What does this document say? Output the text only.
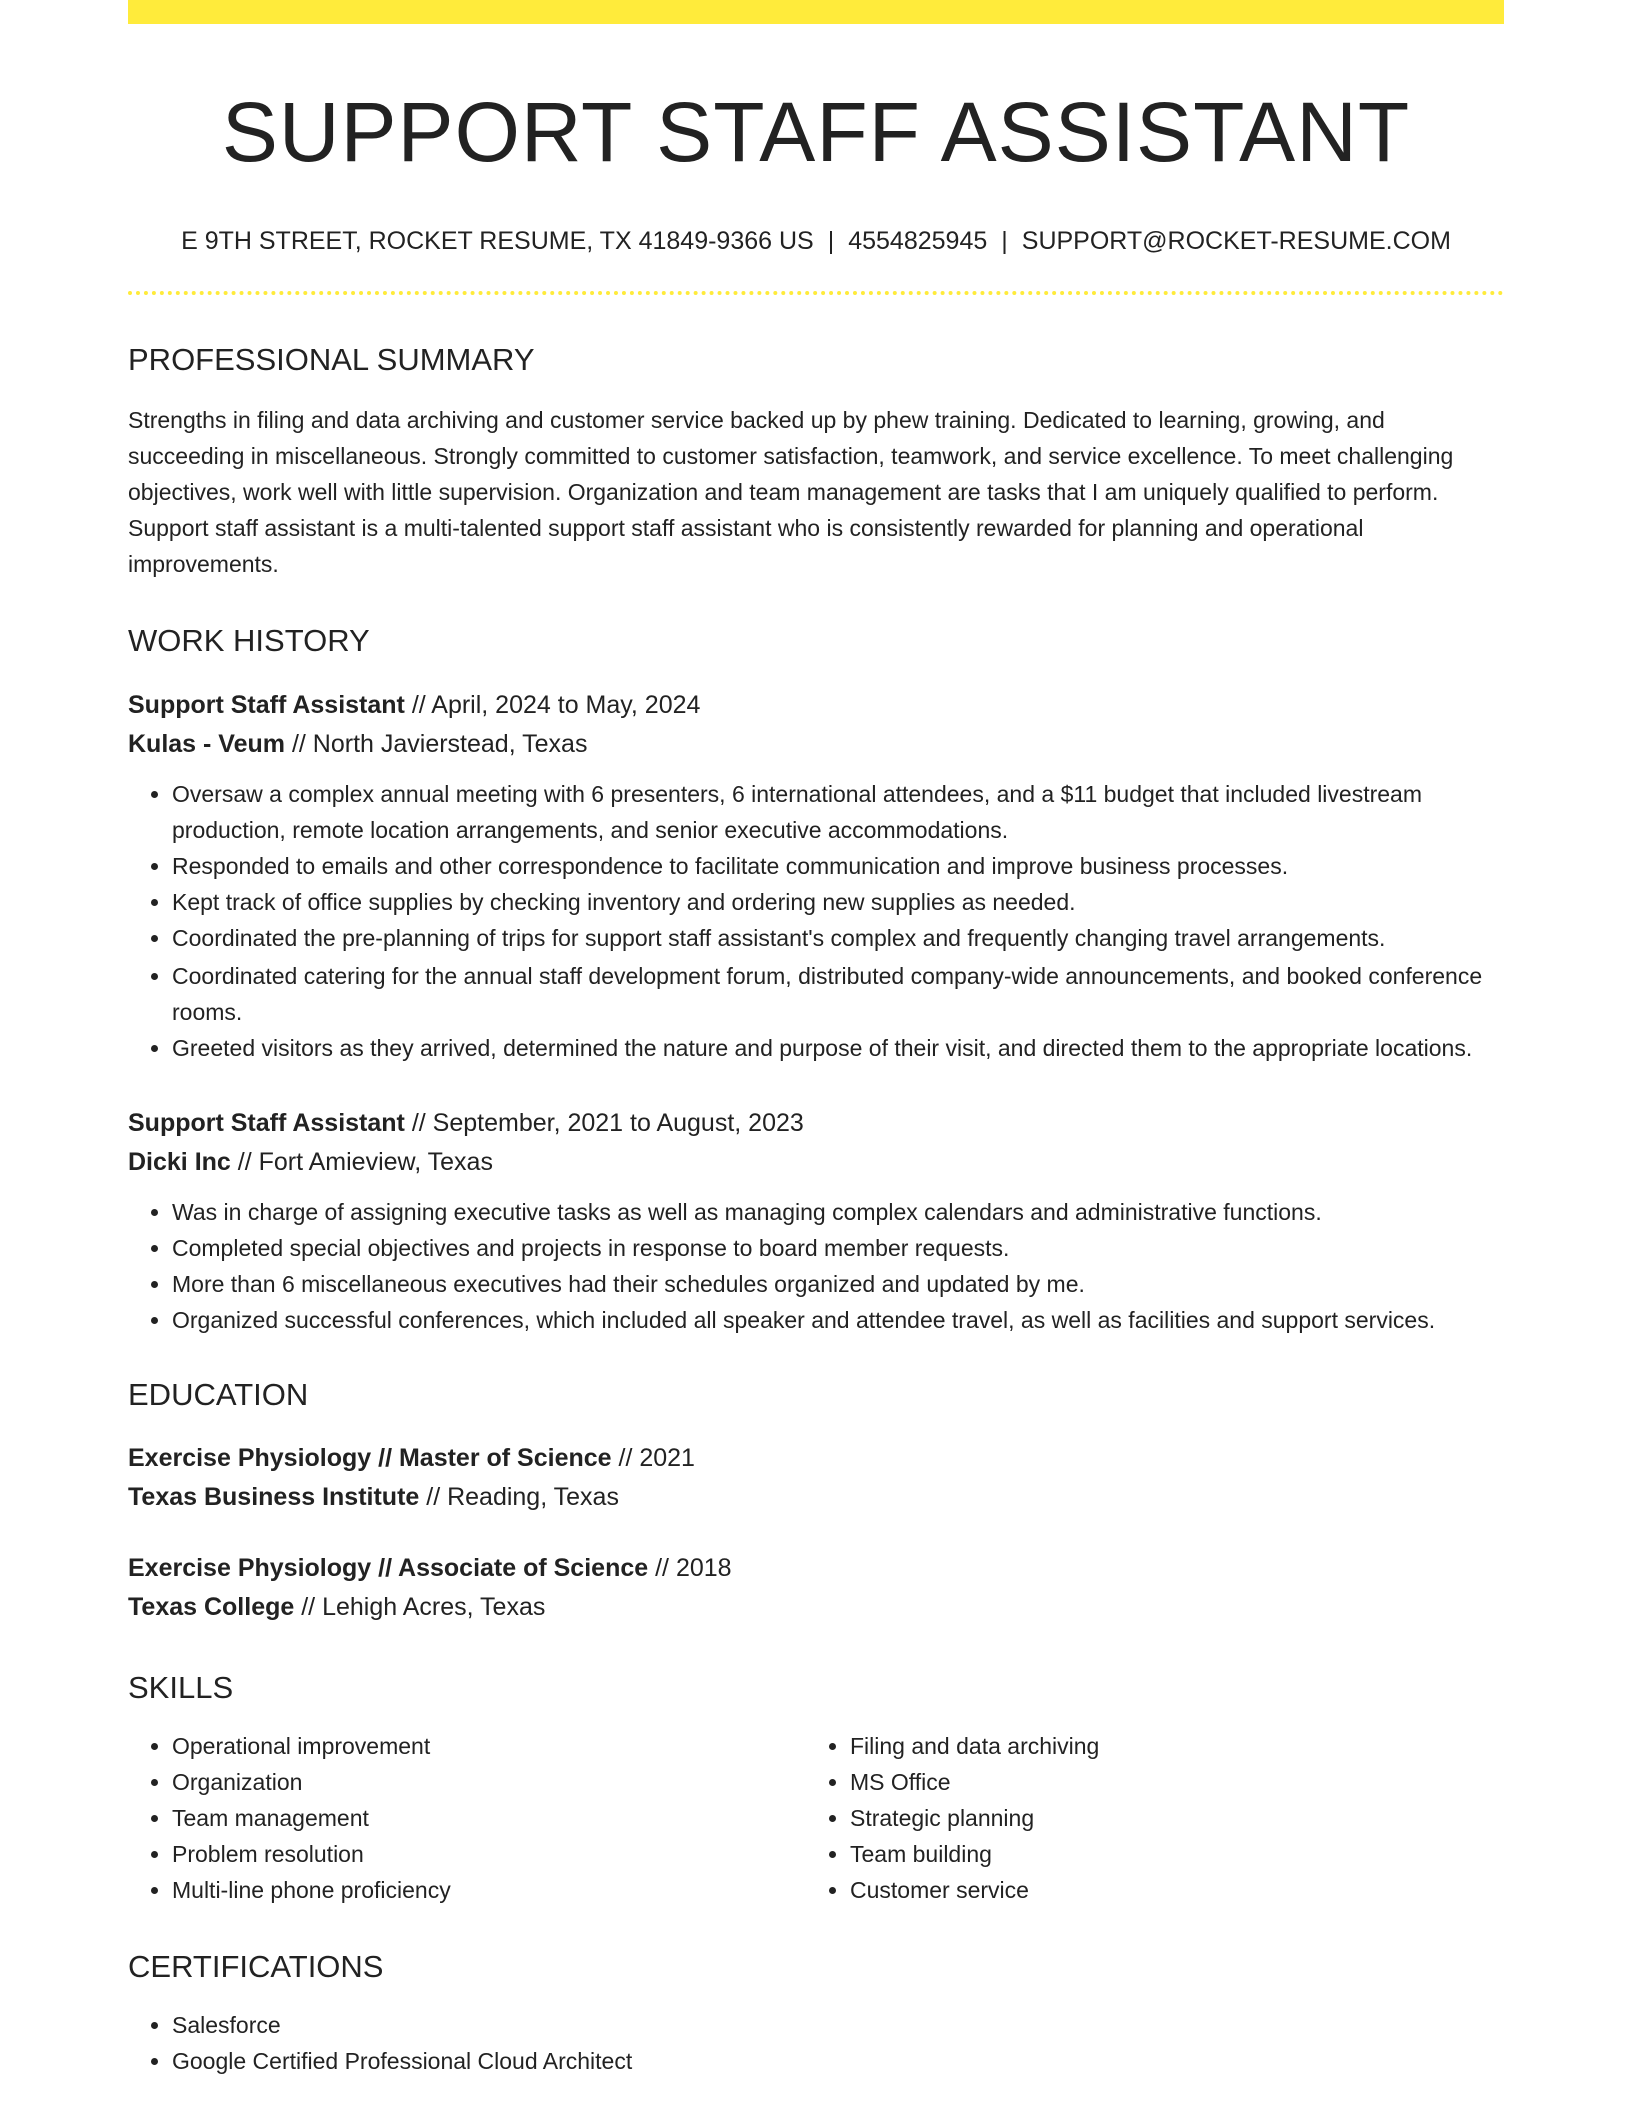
SUPPORT STAFF ASSISTANT
E 9TH STREET, ROCKET RESUME, TX 41849-9366 US | 4554825945 | SUPPORT@ROCKET-RESUME.COM
PROFESSIONAL SUMMARY
Strengths in filing and data archiving and customer service backed up by phew training. Dedicated to learning, growing, and succeeding in miscellaneous. Strongly committed to customer satisfaction, teamwork, and service excellence. To meet challenging objectives, work well with little supervision. Organization and team management are tasks that I am uniquely qualified to perform. Support staff assistant is a multi-talented support staff assistant who is consistently rewarded for planning and operational improvements.
WORK HISTORY
Support Staff Assistant // April, 2024 to May, 2024
Kulas - Veum // North Javierstead, Texas
• Oversaw a complex annual meeting with 6 presenters, 6 international attendees, and a $11 budget that included livestream production, remote location arrangements, and senior executive accommodations.
• Responded to emails and other correspondence to facilitate communication and improve business processes.
• Kept track of office supplies by checking inventory and ordering new supplies as needed.
• Coordinated the pre-planning of trips for support staff assistant's complex and frequently changing travel arrangements.
• Coordinated catering for the annual staff development forum, distributed company-wide announcements, and booked conference rooms.
• Greeted visitors as they arrived, determined the nature and purpose of their visit, and directed them to the appropriate locations.
Support Staff Assistant // September, 2021 to August, 2023
Dicki Inc // Fort Amieview, Texas
• Was in charge of assigning executive tasks as well as managing complex calendars and administrative functions.
• Completed special objectives and projects in response to board member requests.
• More than 6 miscellaneous executives had their schedules organized and updated by me.
• Organized successful conferences, which included all speaker and attendee travel, as well as facilities and support services.
EDUCATION
Exercise Physiology // Master of Science // 2021
Texas Business Institute // Reading, Texas
Exercise Physiology // Associate of Science // 2018
Texas College // Lehigh Acres, Texas
SKILLS
• Operational improvement
• Organization
• Team management
• Problem resolution
• Multi-line phone proficiency
• Filing and data archiving
• MS Office
• Strategic planning
• Team building
• Customer service
CERTIFICATIONS
• Salesforce
• Google Certified Professional Cloud Architect
